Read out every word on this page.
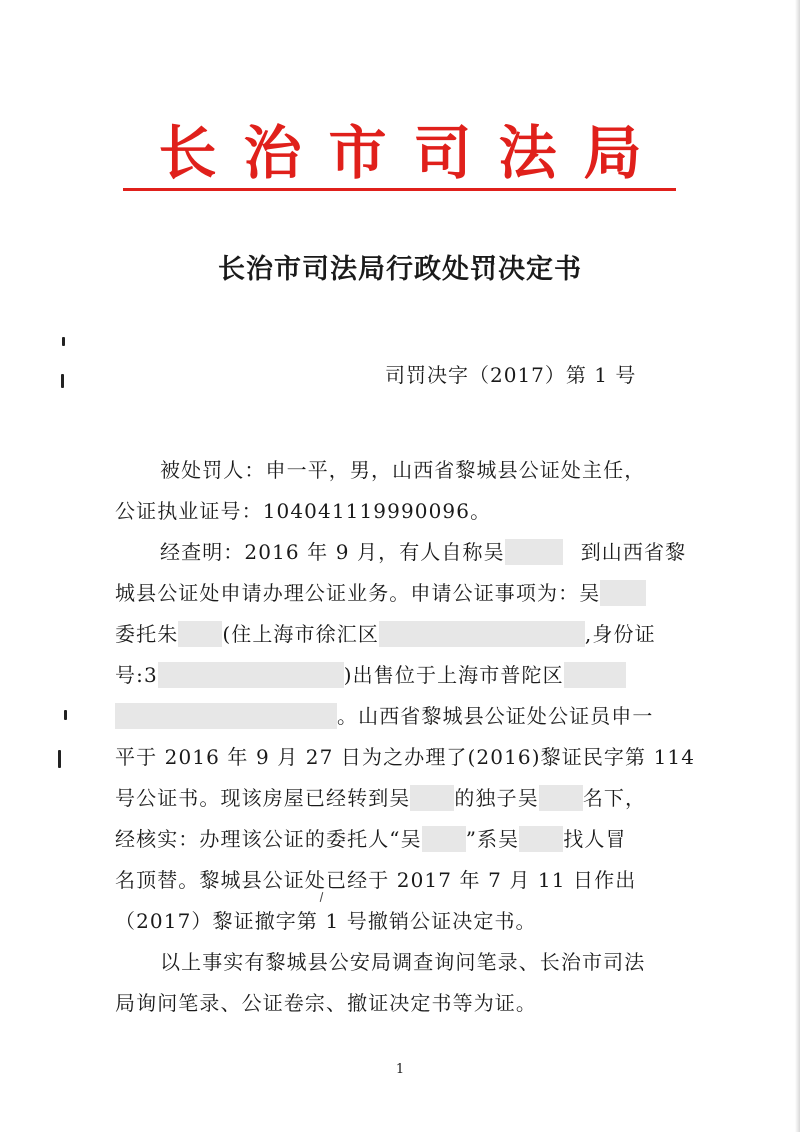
长治市司法局
长治市司法局行政处罚决定书
司罚决字（2017）第 1 号
被处罚人：申一平，男，山西省黎城县公证处主任，
公证执业证号：104041119990096。
经查明：2016 年 9 月，有人自称吴	到山西省黎
城县公证处申请办理公证业务。申请公证事项为：吴
委托朱 (住上海市徐汇区	,身份证
号:3	)出售位于上海市普陀区
。山西省黎城县公证处公证员申一
平于 2016 年 9 月 27 日为之办理了(2016)黎证民字第 114
号公证书。现该房屋已经转到吴 的独子吴 名下，
经核实：办理该公证的委托人“吴 ”系吴 找人冒
名顶替。黎城县公证处已经于 2017 年 7 月 11 日作出
（2017）黎证撤字第 1 号撤销公证决定书。
以上事实有黎城县公安局调查询问笔录、长治市司法
局询问笔录、公证卷宗、撤证决定书等为证。
1
